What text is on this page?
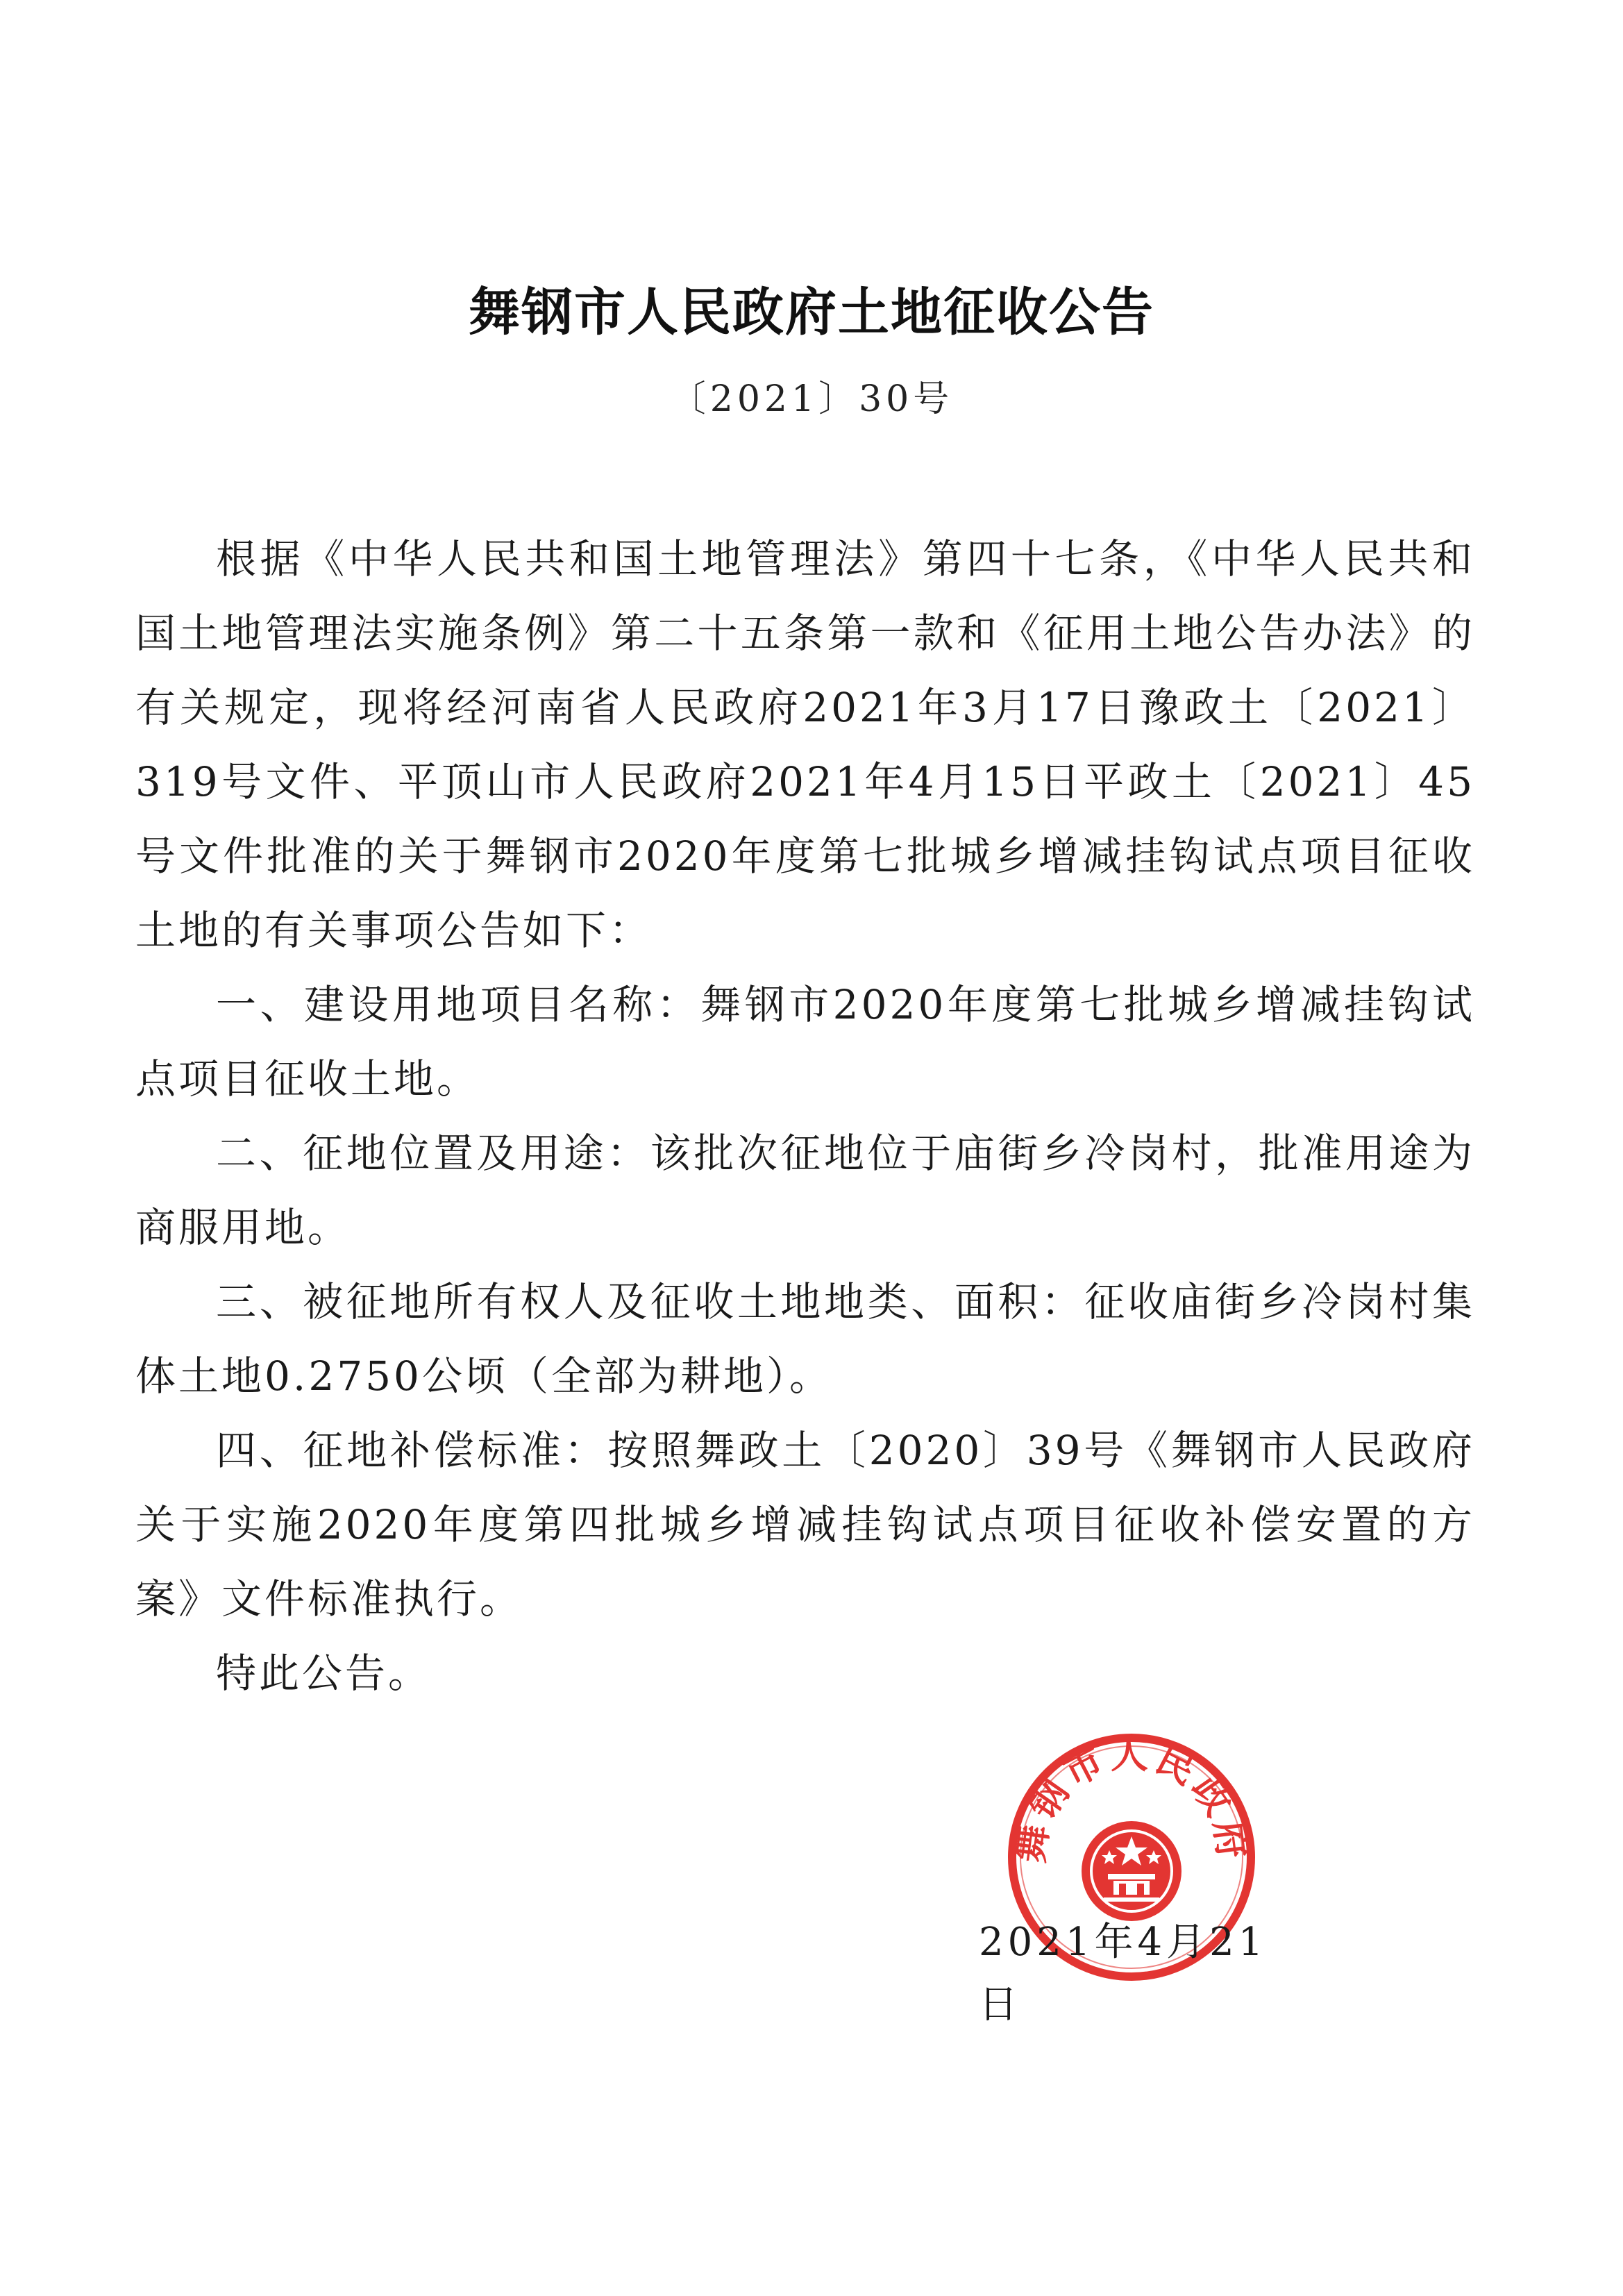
舞钢市人民政府土地征收公告
〔2021〕30号

根据《中华人民共和国土地管理法》第四十七条，《中华人民共和国土地管理法实施条例》第二十五条第一款和《征用土地公告办法》的有关规定，现将经河南省人民政府2021年3月17日豫政土〔2021〕319号文件、平顶山市人民政府2021年4月15日平政土〔2021〕45号文件批准的关于舞钢市2020年度第七批城乡增减挂钩试点项目征收土地的有关事项公告如下：

一、建设用地项目名称：舞钢市2020年度第七批城乡增减挂钩试点项目征收土地。

二、征地位置及用途：该批次征地位于庙街乡冷岗村，批准用途为商服用地。

三、被征地所有权人及征收土地地类、面积：征收庙街乡冷岗村集体土地0.2750公顷（全部为耕地）。

四、征地补偿标准：按照舞政土〔2020〕39号《舞钢市人民政府关于实施2020年度第四批城乡增减挂钩试点项目征收补偿安置的方案》文件标准执行。

特此公告。

舞钢市人民政府
2021年4月21日
